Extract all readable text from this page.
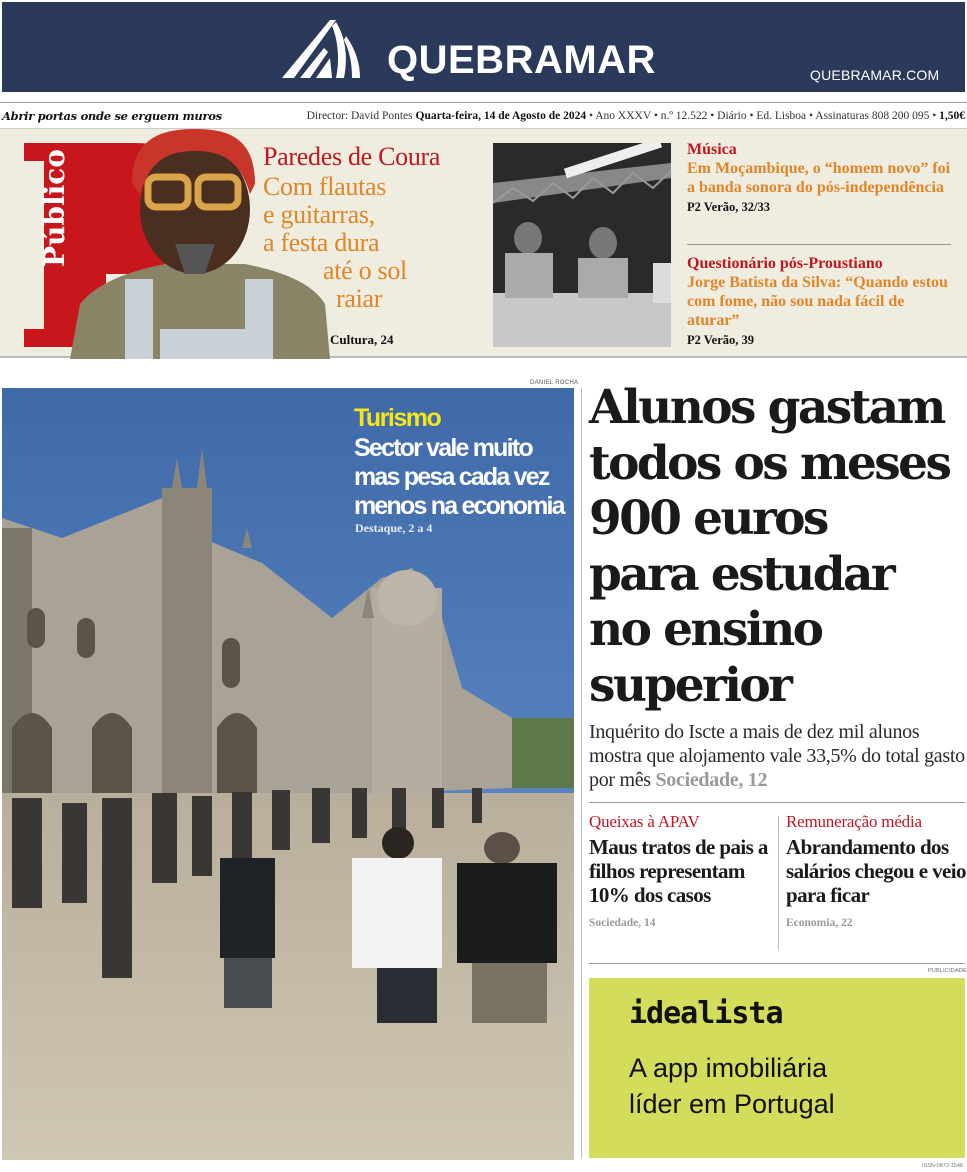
QUEBRAMAR	QUEBRAMAR.COM
Abrir portas onde se erguem muros	Director: David Pontes Quarta-feira, 14 de Agosto de 2024 • Ano XXXV • n.º 12.522 • Diário • Ed. Lisboa • Assinaturas 808 200 095 • 1,50€
Público	Paredes de Coura
Com flautas
e guitarras,
a festa dura
até o sol
raiar
Cultura, 24
Música
Em Moçambique, o “homem novo” foi a banda sonora do pós-independência
P2 Verão, 32/33
Questionário pós-Proustiano
Jorge Batista da Silva: “Quando estou com fome, não sou nada fácil de aturar”
P2 Verão, 39
DANIEL ROCHA
Turismo
Sector vale muito
mas pesa cada vez
menos na economia
Destaque, 2 a 4
Alunos gastam
todos os meses
900 euros
para estudar
no ensino
superior
Inquérito do Iscte a mais de dez mil alunos mostra que alojamento vale 33,5% do total gasto por mês Sociedade, 12
Queixas à APAV
Maus tratos de pais a filhos representam 10% dos casos
Sociedade, 14
Remuneração média
Abrandamento dos salários chegou e veio para ficar
Economia, 22
PUBLICIDADE
idealista
A app imobiliária
líder em Portugal
ISSN-0872-1548
